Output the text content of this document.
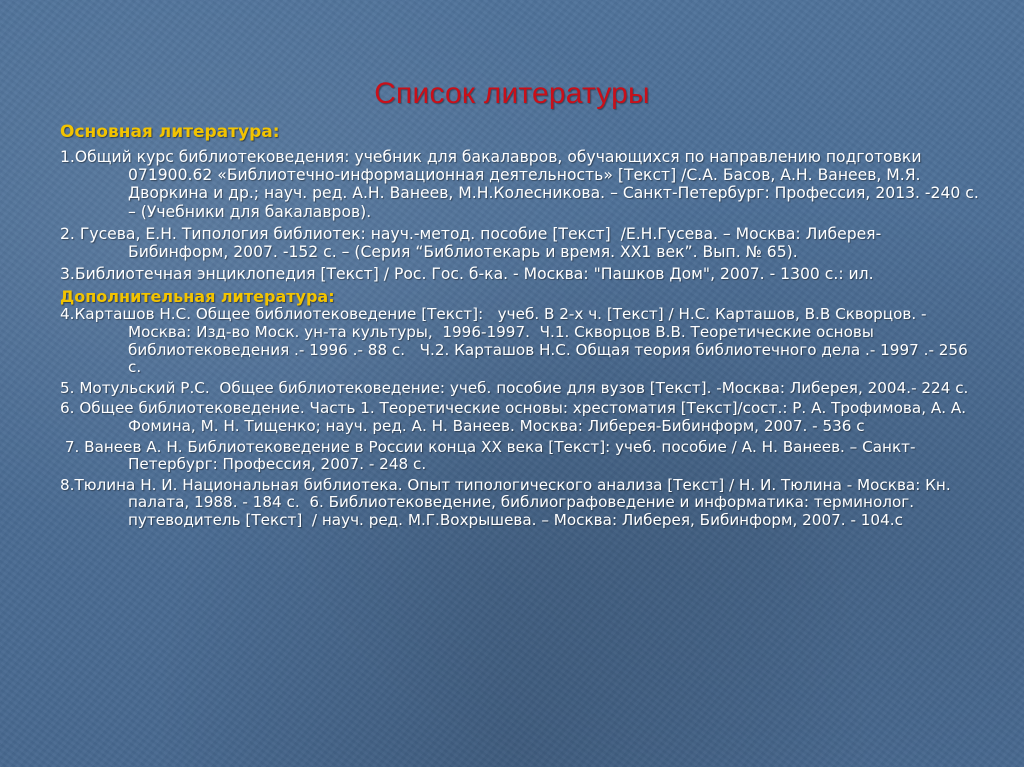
Список литературы
Основная литература:
1.Общий курс библиотековедения: учебник для бакалавров, обучающихся по направлению подготовки 071900.62 «Библиотечно-информационная деятельность» [Текст] /С.А. Басов, А.Н. Ванеев, М.Я. Дворкина и др.; науч. ред. А.Н. Ванеев, М.Н.Колесникова. – Санкт-Петербург: Профессия, 2013. -240 с. – (Учебники для бакалавров).
2. Гусева, Е.Н. Типология библиотек: науч.-метод. пособие [Текст]  /Е.Н.Гусева. – Москва: Либерея-Бибинформ, 2007. -152 с. – (Серия “Библиотекарь и время. XX1 век”. Вып. № 65).
3.Библиотечная энциклопедия [Текст] / Рос. Гос. б-ка. - Москва: "Пашков Дом", 2007. - 1300 с.: ил.
Дополнительная литература:
4.Карташов Н.С. Общее библиотековедение [Текст]:   учеб. В 2-х ч. [Текст] / Н.С. Карташов, В.В Скворцов. - Москва: Изд-во Моск. ун-та культуры,  1996-1997.  Ч.1. Скворцов В.В. Теоретические основы библиотековедения .- 1996 .- 88 с.   Ч.2. Карташов Н.С. Общая теория библиотечного дела .- 1997 .- 256 с.
5. Мотульский Р.С.  Общее библиотековедение: учеб. пособие для вузов [Текст]. -Москва: Либерея, 2004.- 224 с.
6. Общее библиотековедение. Часть 1. Теоретические основы: хрестоматия [Текст]/сост.: Р. А. Трофимова, А. А.  Фомина, М. Н. Тищенко; науч. ред. А. Н. Ванеев. Москва: Либерея-Бибинформ, 2007. - 536 с
7. Ванеев А. Н. Библиотековедение в России конца XX века [Текст]: учеб. пособие / А. Н. Ванеев. – Санкт-Петербург: Профессия, 2007. - 248 с.
8.Тюлина Н. И. Национальная библиотека. Опыт типологического анализа [Текст] / Н. И. Тюлина - Москва: Кн. палата, 1988. - 184 с.  6. Библиотековедение, библиографоведение и информатика: терминолог. путеводитель [Текст]  / науч. ред. М.Г.Вохрышева. – Москва: Либерея, Бибинформ, 2007. - 104.с
